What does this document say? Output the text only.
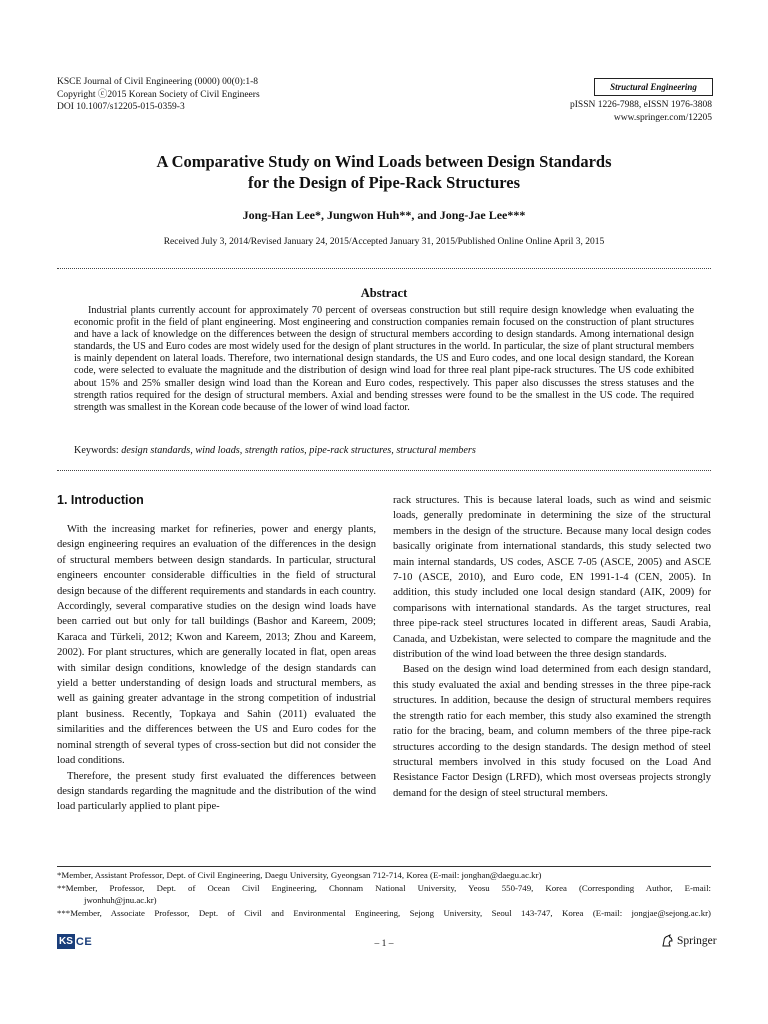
KSCE Journal of Civil Engineering (0000) 00(0):1-8
Copyright ⓒ2015 Korean Society of Civil Engineers
DOI 10.1007/s12205-015-0359-3
Structural Engineering
pISSN 1226-7988, eISSN 1976-3808
www.springer.com/12205
A Comparative Study on Wind Loads between Design Standards
for the Design of Pipe-Rack Structures
Jong-Han Lee*, Jungwon Huh**, and Jong-Jae Lee***
Received July 3, 2014/Revised January 24, 2015/Accepted January 31, 2015/Published Online Online April 3, 2015
Abstract
Industrial plants currently account for approximately 70 percent of overseas construction but still require design knowledge when evaluating the economic profit in the field of plant engineering. Most engineering and construction companies remain focused on the construction of plant structures and have a lack of knowledge on the differences between the design of structural members according to design standards. Among international design standards, the US and Euro codes are most widely used for the design of plant structures in the world. In particular, the size of plant structural members is mainly dependent on lateral loads. Therefore, two international design standards, the US and Euro codes, and one local design standard, the Korean code, were selected to evaluate the magnitude and the distribution of design wind load for three real plant pipe-rack structures. The US code exhibited about 15% and 25% smaller design wind load than the Korean and Euro codes, respectively. This paper also discusses the stress statuses and the strength ratios required for the design of structural members. Axial and bending stresses were found to be the smallest in the US code. The required strength was smallest in the Korean code because of the lower of wind load factor.
Keywords: design standards, wind loads, strength ratios, pipe-rack structures, structural members
1. Introduction

With the increasing market for refineries, power and energy plants, design engineering requires an evaluation of the differences in the design of structural members between design standards. In particular, structural engineers encounter considerable difficulties in the field of structural design because of the different requirements and standards in each country. Accordingly, several comparative studies on the design wind loads have been carried out but only for tall buildings (Bashor and Kareem, 2009; Karaca and Türkeli, 2012; Kwon and Kareem, 2013; Zhou and Kareem, 2002). For plant structures, which are generally located in flat, open areas with similar design conditions, knowledge of the design standards can yield a better understanding of design loads and structural members, as well as gaining greater advantage in the strong competition of industrial plant business. Recently, Topkaya and Sahin (2011) evaluated the similarities and the differences between the US and Euro codes for the nominal strength of several types of cross-section but did not consider the load conditions.

Therefore, the present study first evaluated the differences between design standards regarding the magnitude and the distribution of the wind load particularly applied to plant pipe-

rack structures. This is because lateral loads, such as wind and seismic loads, generally predominate in determining the size of the structural members in the design of the structure. Because many local design codes basically originate from international standards, this study selected two main internal standards, US codes, ASCE 7-05 (ASCE, 2005) and ASCE 7-10 (ASCE, 2010), and Euro code, EN 1991-1-4 (CEN, 2005). In addition, this study included one local design standard (AIK, 2009) for comparisons with international standards. As the target structures, real three pipe-rack steel structures located in different areas, Saudi Arabia, Canada, and Uzbekistan, were selected to compare the magnitude and the distribution of the wind load between the three design standards.

Based on the design wind load determined from each design standard, this study evaluated the axial and bending stresses in the three pipe-rack structures. In addition, because the design of structural members requires the strength ratio for each member, this study also examined the strength ratio for the bracing, beam, and column members of the three pipe-rack structures according to the design standards. The design method of steel structural members involved in this study focused on the Load And Resistance Factor Design (LRFD), which most overseas projects strongly demand for the design of steel structural members.

*Member, Assistant Professor, Dept. of Civil Engineering, Daegu University, Gyeongsan 712-714, Korea (E-mail: jonghan@daegu.ac.kr)
**Member, Professor, Dept. of Ocean Civil Engineering, Chonnam National University, Yeosu 550-749, Korea (Corresponding Author, E-mail:
jwonhuh@jnu.ac.kr)
***Member, Associate Professor, Dept. of Civil and Environmental Engineering, Sejong University, Seoul 143-747, Korea (E-mail: jongjae@sejong.ac.kr)
KS CE	– 1 –	Springer
